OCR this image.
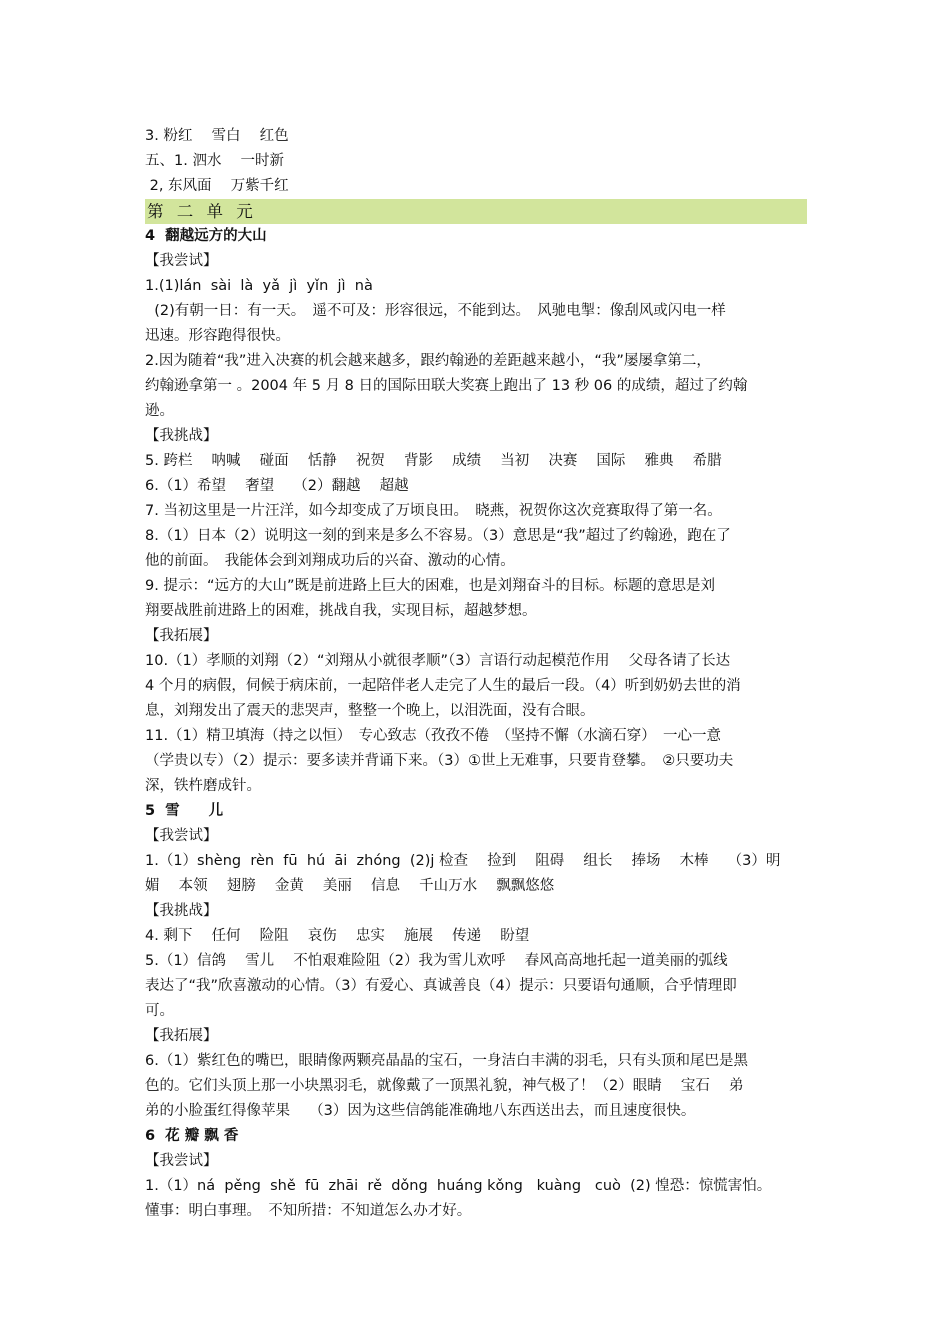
3. 粉红　 雪白　 红色
五、1. 泗水　 一时新
2, 东风面　 万紫千红
第 二 单 元
4  翻越远方的大山
【我尝试】
1.(1)lán  sài  là  yǎ  jì  yǐn  jì  nà
(2)有朝一日：有一天。　遥不可及：形容很远，不能到达。　风驰电掣：像刮风或闪电一样
迅速。形容跑得很快。
2.因为随着“我”进入决赛的机会越来越多，跟约翰逊的差距越来越小，“我”屡屡拿第二，
约翰逊拿第一 。2004 年 5 月 8 日的国际田联大奖赛上跑出了 13 秒 06 的成绩，超过了约翰
逊。
【我挑战】
5. 跨栏　 呐喊　 碰面　 恬静　 祝贺　 背影　 成绩　 当初　 决赛　 国际　 雅典　 希腊
6.（1）希望　 奢望　 （2）翻越　 超越
7. 当初这里是一片汪洋，如今却变成了万顷良田。　晓燕，祝贺你这次竞赛取得了第一名。
8.（1）日本（2）说明这一刻的到来是多么不容易。（3）意思是“我”超过了约翰逊，跑在了
他的前面。　我能体会到刘翔成功后的兴奋、激动的心情。
9. 提示：“远方的大山”既是前进路上巨大的困难，也是刘翔奋斗的目标。标题的意思是刘
翔要战胜前进路上的困难，挑战自我，实现目标，超越梦想。
【我拓展】
10.（1）孝顺的刘翔（2）“刘翔从小就很孝顺”（3）言语行动起模范作用　 父母各请了长达
4 个月的病假，伺候于病床前，一起陪伴老人走完了人生的最后一段。（4）听到奶奶去世的消
息，刘翔发出了震天的悲哭声，整整一个晚上，以泪洗面，没有合眼。
11.（1）精卫填海（持之以恒）　专心致志（孜孜不倦　（坚持不懈（水滴石穿）　一心一意
（学贵以专）（2）提示：要多读并背诵下来。（3）①世上无难事，只要肯登攀。　②只要功夫
深，铁杵磨成针。
5  雪　　儿
【我尝试】
1.（1）shèng  rèn  fū  hú  āi  zhóng  (2)j 检查　 捡到　 阻碍　 组长　 捧场　 木棒　 （3）明
媚　 本领　 翅膀　 金黄　 美丽　 信息　 千山万水　 飘飘悠悠
【我挑战】
4. 剩下　 任何　 险阻　 哀伤　 忠实　 施展　 传递　 盼望
5.（1）信鸽　 雪儿　 不怕艰难险阻（2）我为雪儿欢呼　 春风高高地托起一道美丽的弧线
表达了“我”欣喜激动的心情。（3）有爱心、真诚善良（4）提示：只要语句通顺，合乎情理即
可。
【我拓展】
6.（1）紫红色的嘴巴，眼睛像两颗亮晶晶的宝石，一身洁白丰满的羽毛，只有头顶和尾巴是黑
色的。它们头顶上那一小块黑羽毛，就像戴了一顶黑礼貌，神气极了！（2）眼睛　 宝石　 弟
弟的小脸蛋红得像苹果　 （3）因为这些信鸽能准确地八东西送出去，而且速度很快。
6  花 瓣 飘 香
【我尝试】
1.（1）ná  pěng  shě  fū  zhāi  rě  dǒng  huáng kǒng   kuàng   cuò  (2) 惶恐：惊慌害怕。
懂事：明白事理。　不知所措：不知道怎么办才好。
